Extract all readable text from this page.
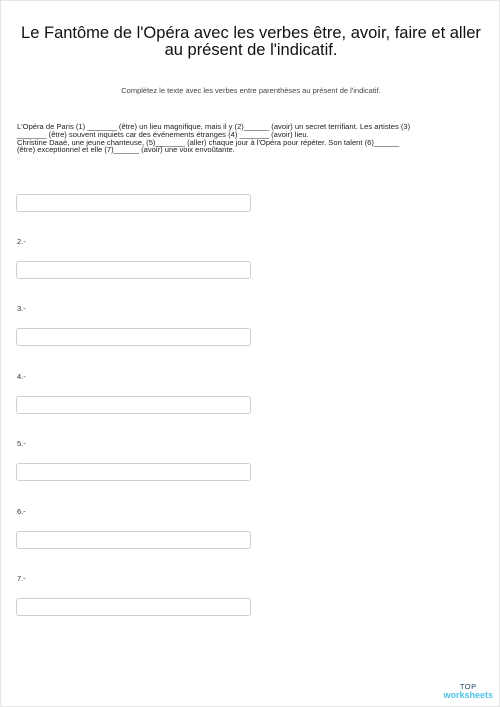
Le Fantôme de l'Opéra avec les verbes être, avoir, faire et aller au présent de l'indicatif.
Complétez le texte avec les verbes entre parenthèses au présent de l'indicatif.
L'Opéra de Paris (1) _______ (être) un lieu magnifique, mais il y (2)______ (avoir) un secret terrifiant. Les artistes (3)
_______ (être) souvent inquiets car des événements étranges (4) _______ (avoir) lieu.
Christine Daaé, une jeune chanteuse, (5)_______ (aller) chaque jour à l'Opéra pour répéter. Son talent (6)______
(être) exceptionnel et elle (7)______ (avoir) une voix envoûtante.
2.-
3.-
4.-
5.-
6.-
7.-
TOP
worksheets
